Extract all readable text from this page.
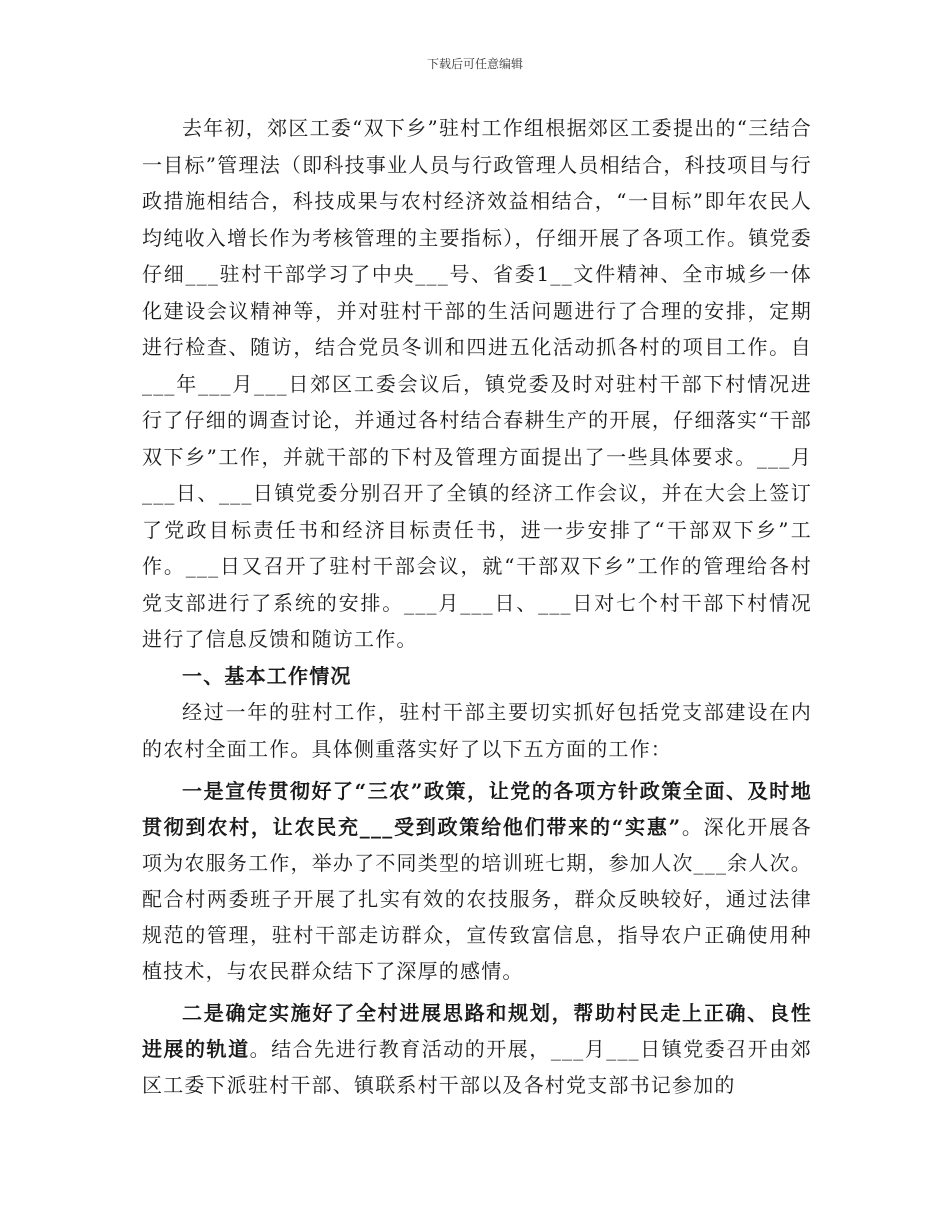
下载后可任意编辑

去年初，郊区工委“双下乡”驻村工作组根据郊区工委提出的“三结合一目标”管理法（即科技事业人员与行政管理人员相结合，科技项目与行政措施相结合，科技成果与农村经济效益相结合，“一目标”即年农民人均纯收入增长作为考核管理的主要指标），仔细开展了各项工作。镇党委仔细___驻村干部学习了中央___号、省委1__文件精神、全市城乡一体化建设会议精神等，并对驻村干部的生活问题进行了合理的安排，定期进行检查、随访，结合党员冬训和四进五化活动抓各村的项目工作。自___年___月___日郊区工委会议后，镇党委及时对驻村干部下村情况进行了仔细的调查讨论，并通过各村结合春耕生产的开展，仔细落实“干部双下乡”工作，并就干部的下村及管理方面提出了一些具体要求。___月___日、___日镇党委分别召开了全镇的经济工作会议，并在大会上签订了党政目标责任书和经济目标责任书，进一步安排了“干部双下乡”工作。___日又召开了驻村干部会议，就“干部双下乡”工作的管理给各村党支部进行了系统的安排。___月___日、___日对七个村干部下村情况进行了信息反馈和随访工作。

一、基本工作情况

经过一年的驻村工作，驻村干部主要切实抓好包括党支部建设在内的农村全面工作。具体侧重落实好了以下五方面的工作：

一是宣传贯彻好了“三农”政策，让党的各项方针政策全面、及时地贯彻到农村，让农民充___受到政策给他们带来的“实惠”。深化开展各项为农服务工作，举办了不同类型的培训班七期，参加人次___余人次。配合村两委班子开展了扎实有效的农技服务，群众反映较好，通过法律规范的管理，驻村干部走访群众，宣传致富信息，指导农户正确使用种植技术，与农民群众结下了深厚的感情。

二是确定实施好了全村进展思路和规划，帮助村民走上正确、良性进展的轨道。结合先进行教育活动的开展，___月___日镇党委召开由郊区工委下派驻村干部、镇联系村干部以及各村党支部书记参加的
